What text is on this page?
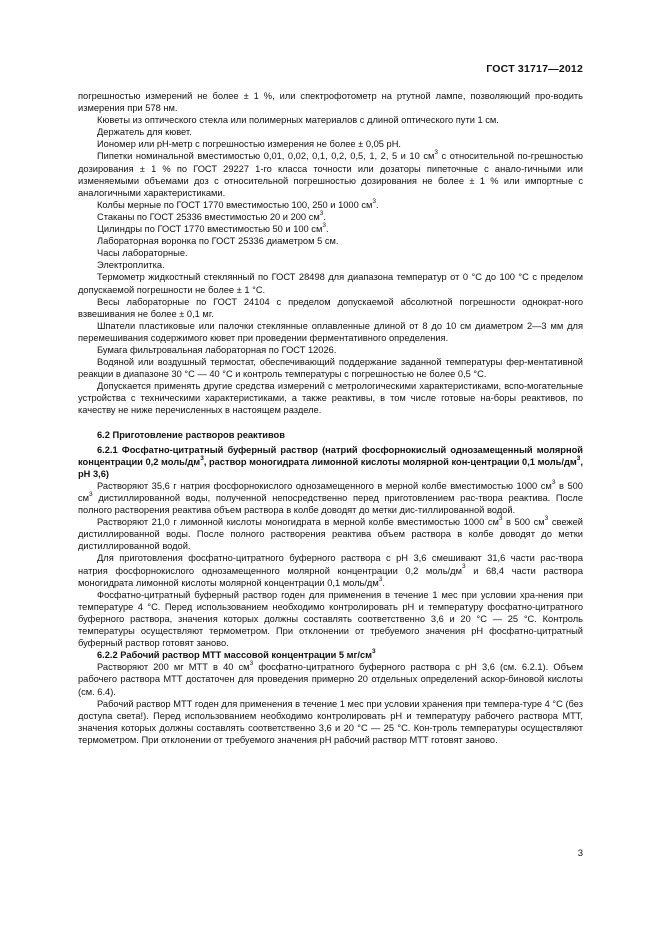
ГОСТ 31717—2012

погрешностью измерений не более ± 1 %, или спектрофотометр на ртутной лампе, позволяющий про-водить измерения при 578 нм.

Кюветы из оптического стекла или полимерных материалов с длиной оптического пути 1 см.

Держатель для кювет.

Иономер или pH-метр с погрешностью измерения не более ± 0,05 pH.

Пипетки номинальной вместимостью 0,01, 0,02, 0,1, 0,2, 0,5, 1, 2, 5 и 10 $см^3$ с относительной по-грешностью дозирования ± 1 % по ГОСТ 29227 1-го класса точности или дозаторы пипеточные с анало-гичными или изменяемыми объемами доз с относительной погрешностью дозирования не более ± 1 % или импортные с аналогичными характеристиками.

Колбы мерные по ГОСТ 1770 вместимостью 100, 250 и 1000 $см^3$.

Стаканы по ГОСТ 25336 вместимостью 20 и 200 $см^3$.

Цилиндры по ГОСТ 1770 вместимостью 50 и 100 $см^3$.

Лабораторная воронка по ГОСТ 25336 диаметром 5 см.

Часы лабораторные.

Электроплитка.

Термометр жидкостный стеклянный по ГОСТ 28498 для диапазона температур от 0 °С до 100 °С с пределом допускаемой погрешности не более ± 1 °С.

Весы лабораторные по ГОСТ 24104 с пределом допускаемой абсолютной погрешности однократ-ного взвешивания не более ± 0,1 мг.

Шпатели пластиковые или палочки стеклянные оплавленные длиной от 8 до 10 см диаметром 2—3 мм для перемешивания содержимого кювет при проведении ферментативного определения.

Бумага фильтровальная лабораторная по ГОСТ 12026.

Водяной или воздушный термостат, обеспечивающий поддержание заданной температуры фер-ментативной реакции в диапазоне 30 °С — 40 °С и контроль температуры с погрешностью не более 0,5 °С.

Допускается применять другие средства измерений с метрологическими характеристиками, вспо-могательные устройства с техническими характеристиками, а также реактивы, в том числе готовые на-боры реактивов, по качеству не ниже перечисленных в настоящем разделе.

6.2 Приготовление растворов реактивов

6.2.1 Фосфатно-цитратный буферный раствор (натрий фосфорнокислый однозамещенный молярной концентрации 0,2 моль/$дм^3$, раствор моногидрата лимонной кислоты молярной кон-центрации 0,1 моль/$дм^3$, pH 3,6)

Растворяют 35,6 г натрия фосфорнокислого однозамещенного в мерной колбе вместимостью 1000 $см^3$ в 500 $см^3$ дистиллированной воды, полученной непосредственно перед приготовлением рас-твора реактива. После полного растворения реактива объем раствора в колбе доводят до метки дис-тиллированной водой.

Растворяют 21,0 г лимонной кислоты моногидрата в мерной колбе вместимостью 1000 $см^3$ в 500 $см^3$ свежей дистиллированной воды. После полного растворения реактива объем раствора в колбе доводят до метки дистиллированной водой.

Для приготовления фосфатно-цитратного буферного раствора с pH 3,6 смешивают 31,6 части рас-твора натрия фосфорнокислого однозамещенного молярной концентрации 0,2 моль/$дм^3$ и 68,4 части раствора моногидрата лимонной кислоты молярной концентрации 0,1 моль/$дм^3$.

Фосфатно-цитратный буферный раствор годен для применения в течение 1 мес при условии хра-нения при температуре 4 °С. Перед использованием необходимо контролировать pH и температуру фосфатно-цитратного буферного раствора, значения которых должны составлять соответственно 3,6 и 20 °С — 25 °С. Контроль температуры осуществляют термометром. При отклонении от требуемого значения pH фосфатно-цитратный буферный раствор готовят заново.

6.2.2 Рабочий раствор МТТ массовой концентрации 5 $мг/см^3$

Растворяют 200 мг МТТ в 40 $см^3$ фосфатно-цитратного буферного раствора с pH 3,6 (см. 6.2.1). Объем рабочего раствора МТТ достаточен для проведения примерно 20 отдельных определений аскор-биновой кислоты (см. 6.4).

Рабочий раствор МТТ годен для применения в течение 1 мес при условии хранения при темпера-туре 4 °С (без доступа света!). Перед использованием необходимо контролировать pH и температуру рабочего раствора МТТ, значения которых должны составлять соответственно 3,6 и 20 °С — 25 °С. Кон-троль температуры осуществляют термометром. При отклонении от требуемого значения pH рабочий раствор МТТ готовят заново.

3
